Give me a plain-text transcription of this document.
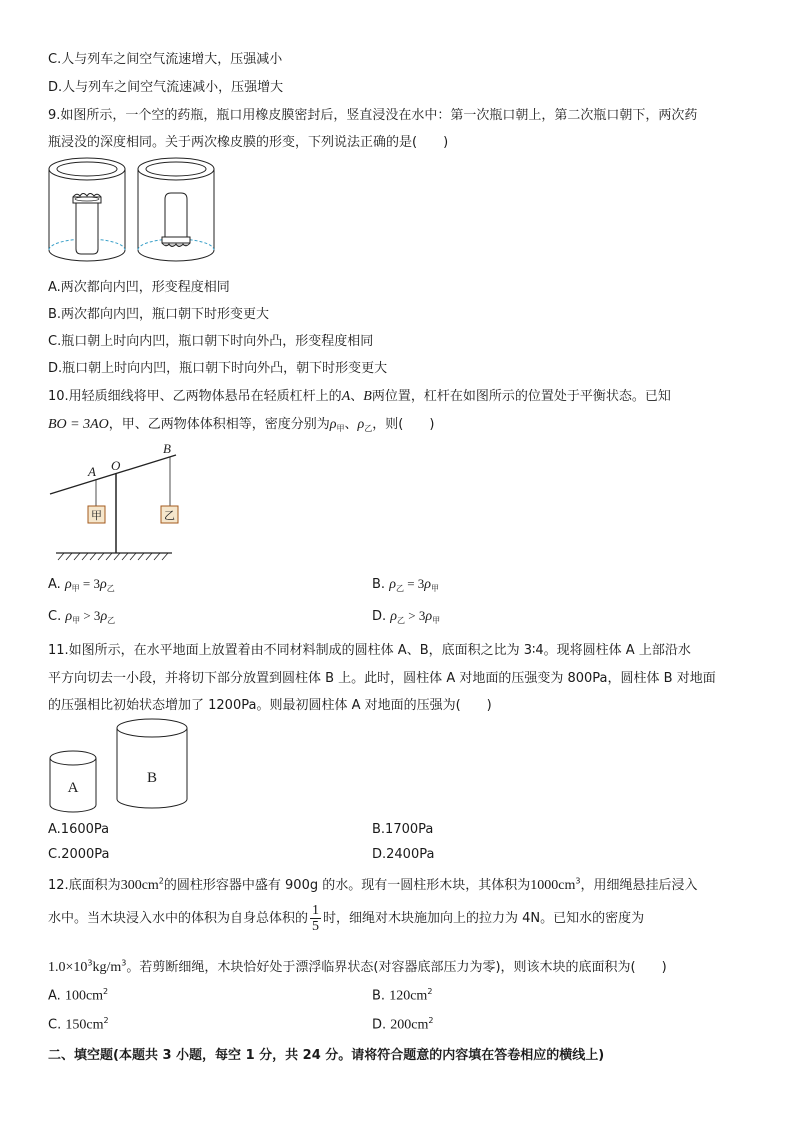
C.人与列车之间空气流速增大，压强减小
D.人与列车之间空气流速减小，压强增大
9.如图所示，一个空的药瓶，瓶口用橡皮膜密封后，竖直浸没在水中：第一次瓶口朝上，第二次瓶口朝下，两次药
瓶浸没的深度相同。关于两次橡皮膜的形变，下列说法正确的是(　　)
A.两次都向内凹，形变程度相同
B.两次都向内凹，瓶口朝下时形变更大
C.瓶口朝上时向内凹，瓶口朝下时向外凸，形变程度相同
D.瓶口朝上时向内凹，瓶口朝下时向外凸，朝下时形变更大
10.用轻质细线将甲、乙两物体悬吊在轻质杠杆上的A、B两位置，杠杆在如图所示的位置处于平衡状态。已知
BO = 3AO，甲、乙两物体体积相等，密度分别为$\rho_甲$、$\rho_乙$，则(　　)
甲	乙
A O
B
A. $\rho_甲 = 3\rho_乙$	B. $\rho_乙 = 3\rho_甲$
C. $\rho_甲 > 3\rho_乙$	D. $\rho_乙 > 3\rho_甲$
11.如图所示，在水平地面上放置着由不同材料制成的圆柱体 A、B，底面积之比为 3∶4。现将圆柱体 A 上部沿水
平方向切去一小段，并将切下部分放置到圆柱体 B 上。此时，圆柱体 A 对地面的压强变为 800Pa，圆柱体 B 对地面
的压强相比初始状态增加了 1200Pa。则最初圆柱体 A 对地面的压强为(　　)
A
B
A.1600Pa	B.1700Pa
C.2000Pa	D.2400Pa
12.底面积为$300cm^2$的圆柱形容器中盛有 900g 的水。现有一圆柱形木块，其体积为$1000cm^3$，用细绳悬挂后浸入
水中。当木块浸入水中的体积为自身总体积的 $\frac{1}{5}$ 时，细绳对木块施加向上的拉力为 4N。已知水的密度为
$1.0\times 10^3kg/m^3$。若剪断细绳，木块恰好处于漂浮临界状态(对容器底部压力为零)，则该木块的底面积为(　　)
A. $100cm^2$	B. $120cm^2$
C. $150cm^2$	D. $200cm^2$
二、填空题(本题共 3 小题，每空 1 分，共 24 分。请将符合题意的内容填在答卷相应的横线上)
